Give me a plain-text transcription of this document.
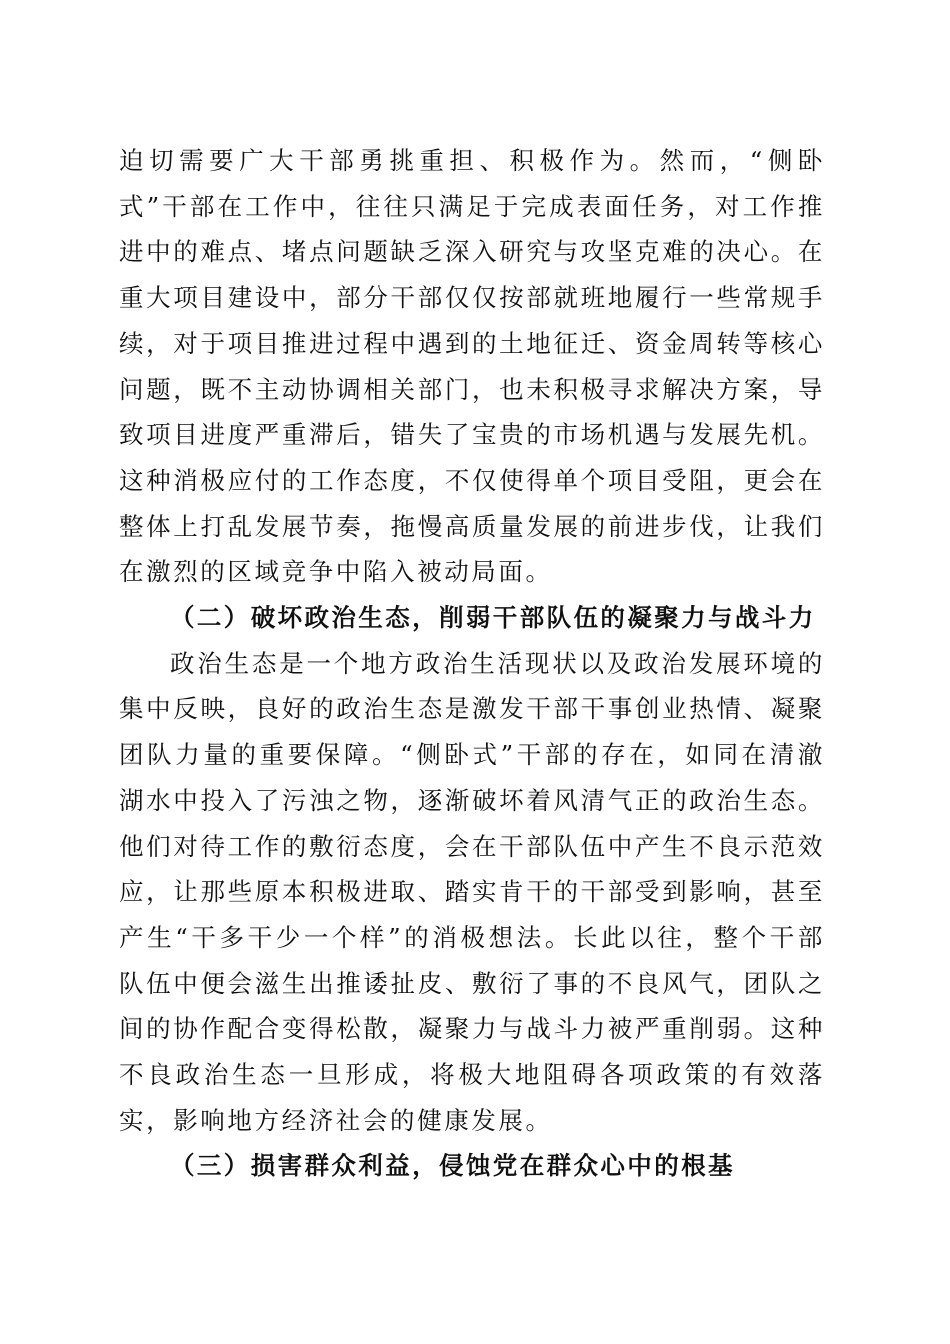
迫切需要广大干部勇挑重担、积极作为。然而，“侧卧式”干部在工作中，往往只满足于完成表面任务，对工作推进中的难点、堵点问题缺乏深入研究与攻坚克难的决心。在重大项目建设中，部分干部仅仅按部就班地履行一些常规手续，对于项目推进过程中遇到的土地征迁、资金周转等核心问题，既不主动协调相关部门，也未积极寻求解决方案，导致项目进度严重滞后，错失了宝贵的市场机遇与发展先机。这种消极应付的工作态度，不仅使得单个项目受阻，更会在整体上打乱发展节奏，拖慢高质量发展的前进步伐，让我们在激烈的区域竞争中陷入被动局面。

（二）破坏政治生态，削弱干部队伍的凝聚力与战斗力

政治生态是一个地方政治生活现状以及政治发展环境的集中反映，良好的政治生态是激发干部干事创业热情、凝聚团队力量的重要保障。“侧卧式”干部的存在，如同在清澈湖水中投入了污浊之物，逐渐破坏着风清气正的政治生态。他们对待工作的敷衍态度，会在干部队伍中产生不良示范效应，让那些原本积极进取、踏实肯干的干部受到影响，甚至产生“干多干少一个样”的消极想法。长此以往，整个干部队伍中便会滋生出推诿扯皮、敷衍了事的不良风气，团队之间的协作配合变得松散，凝聚力与战斗力被严重削弱。这种不良政治生态一旦形成，将极大地阻碍各项政策的有效落实，影响地方经济社会的健康发展。

（三）损害群众利益，侵蚀党在群众心中的根基
